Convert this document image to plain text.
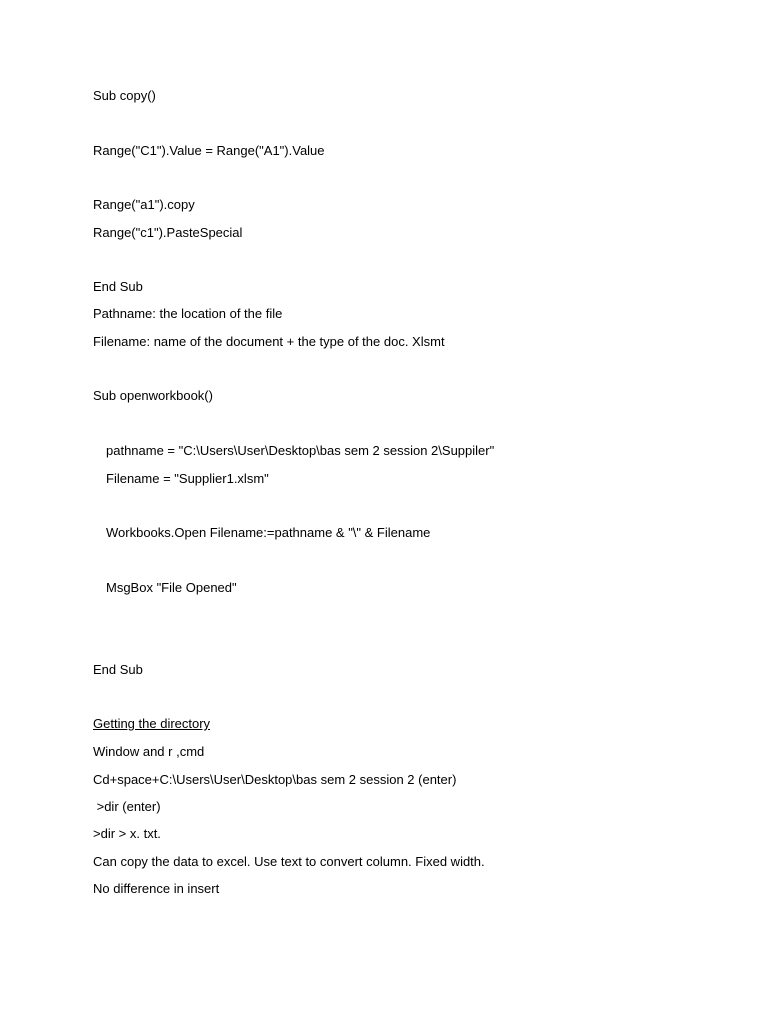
Sub copy()
Range("C1").Value = Range("A1").Value
Range("a1").copy
Range("c1").PasteSpecial
End Sub
Pathname: the location of the file
Filename: name of the document + the type of the doc. Xlsmt
Sub openworkbook()
pathname = "C:\Users\User\Desktop\bas sem 2 session 2\Suppiler"
Filename = "Supplier1.xlsm"
Workbooks.Open Filename:=pathname & "\" & Filename
MsgBox "File Opened"
End Sub
Getting the directory
Window and r ,cmd
Cd+space+C:\Users\User\Desktop\bas sem 2 session 2 (enter)
>dir (enter)
>dir > x. txt.
Can copy the data to excel. Use text to convert column. Fixed width.
No difference in insert
